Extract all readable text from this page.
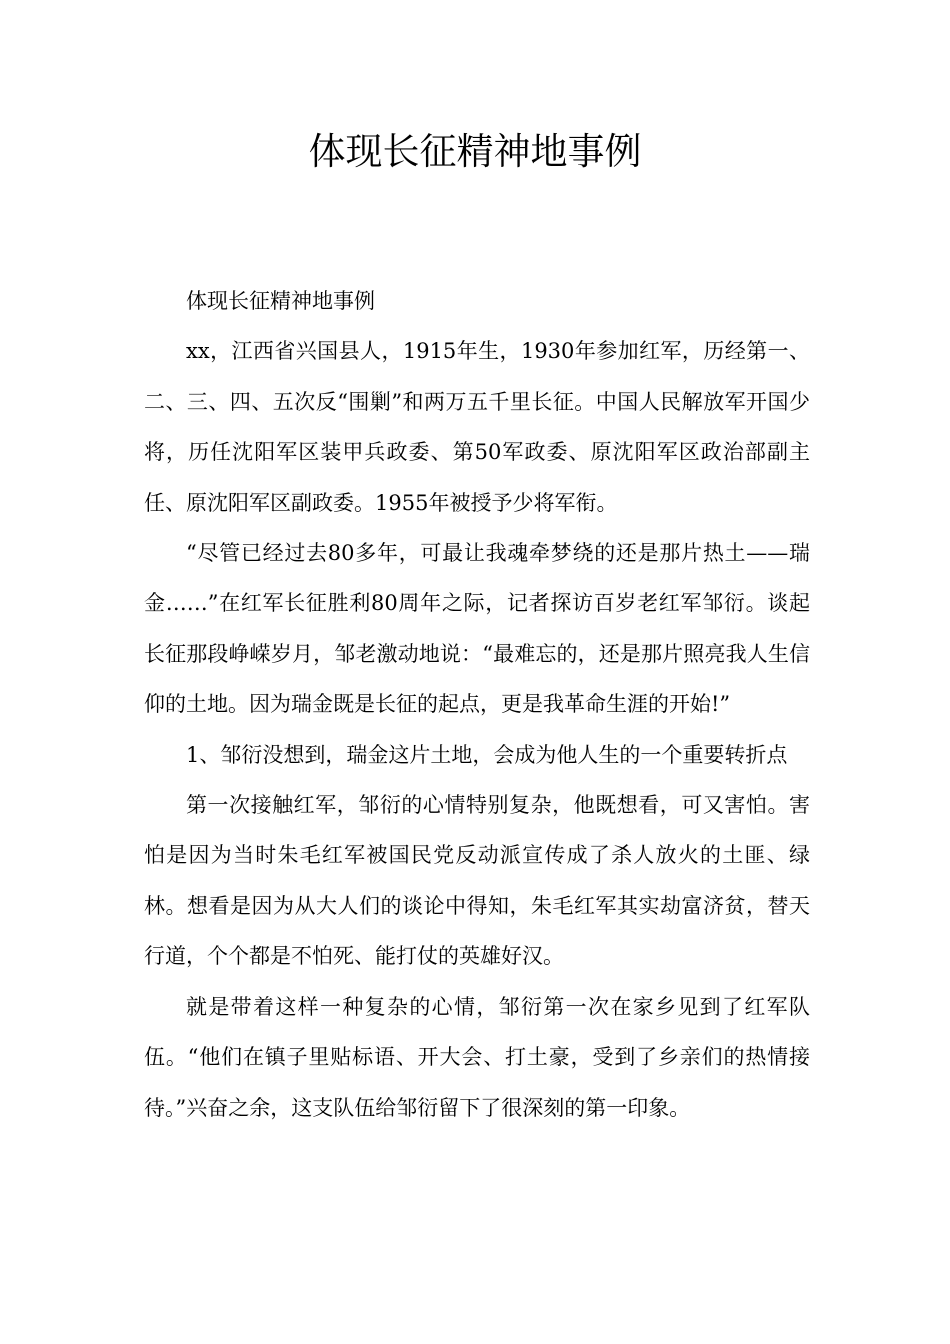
体现长征精神地事例

体现长征精神地事例

xx，江西省兴国县人，1915年生，1930年参加红军，历经第一、二、三、四、五次反“围剿”和两万五千里长征。中国人民解放军开国少将，历任沈阳军区装甲兵政委、第50军政委、原沈阳军区政治部副主任、原沈阳军区副政委。1955年被授予少将军衔。

“尽管已经过去80多年，可最让我魂牵梦绕的还是那片热土——瑞金……”在红军长征胜利80周年之际，记者探访百岁老红军邹衍。谈起长征那段峥嵘岁月，邹老激动地说：“最难忘的，还是那片照亮我人生信仰的土地。因为瑞金既是长征的起点，更是我革命生涯的开始!”

1、邹衍没想到，瑞金这片土地，会成为他人生的一个重要转折点

第一次接触红军，邹衍的心情特别复杂，他既想看，可又害怕。害怕是因为当时朱毛红军被国民党反动派宣传成了杀人放火的土匪、绿林。想看是因为从大人们的谈论中得知，朱毛红军其实劫富济贫，替天行道，个个都是不怕死、能打仗的英雄好汉。

就是带着这样一种复杂的心情，邹衍第一次在家乡见到了红军队伍。“他们在镇子里贴标语、开大会、打土豪，受到了乡亲们的热情接待。”兴奋之余，这支队伍给邹衍留下了很深刻的第一印象。
